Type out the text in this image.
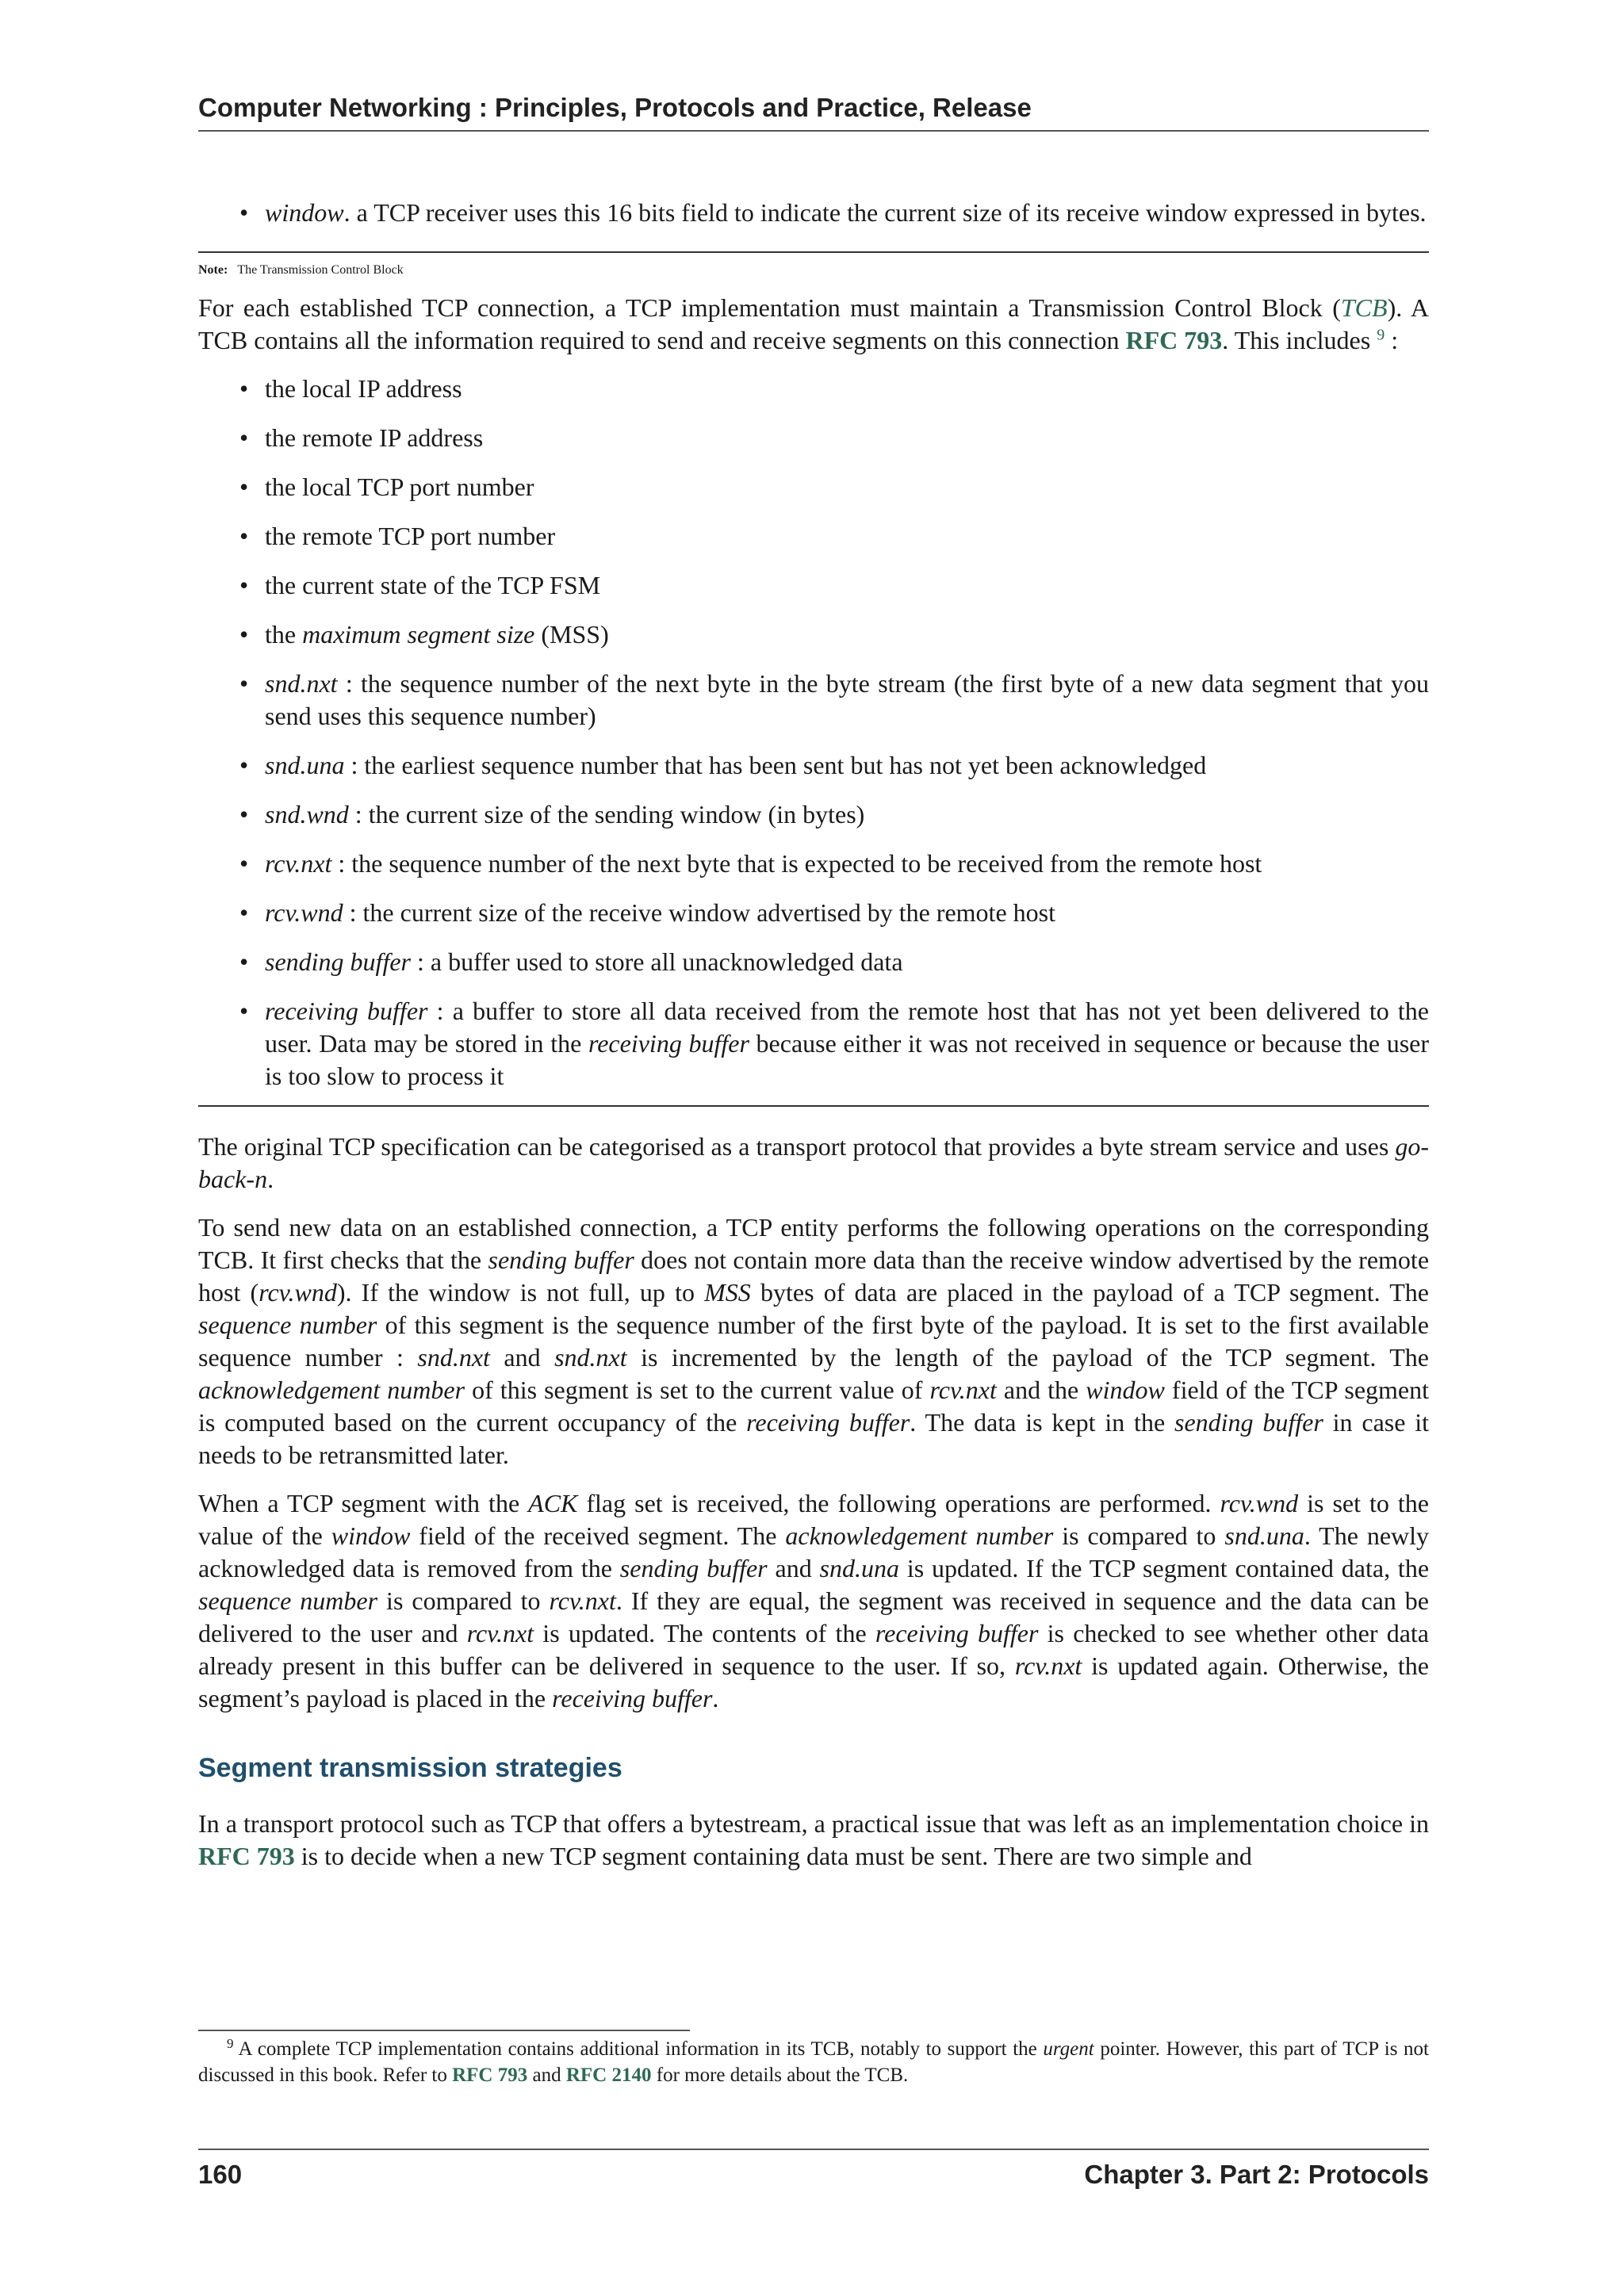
Computer Networking : Principles, Protocols and Practice, Release
• window. a TCP receiver uses this 16 bits field to indicate the current size of its receive window expressed in bytes.
Note: The Transmission Control Block

For each established TCP connection, a TCP implementation must maintain a Transmission Control Block (TCB). A TCB contains all the information required to send and receive segments on this connection RFC 793. This includes $^9$ :

• the local IP address
• the remote IP address
• the local TCP port number
• the remote TCP port number
• the current state of the TCP FSM
• the maximum segment size (MSS)
• snd.nxt : the sequence number of the next byte in the byte stream (the first byte of a new data segment that you send uses this sequence number)
• snd.una : the earliest sequence number that has been sent but has not yet been acknowledged
• snd.wnd : the current size of the sending window (in bytes)
• rcv.nxt : the sequence number of the next byte that is expected to be received from the remote host
• rcv.wnd : the current size of the receive window advertised by the remote host
• sending buffer : a buffer used to store all unacknowledged data
• receiving buffer : a buffer to store all data received from the remote host that has not yet been delivered to the user. Data may be stored in the receiving buffer because either it was not received in sequence or because the user is too slow to process it

The original TCP specification can be categorised as a transport protocol that provides a byte stream service and uses go-back-n.

To send new data on an established connection, a TCP entity performs the following operations on the corresponding TCB. It first checks that the sending buffer does not contain more data than the receive window advertised by the remote host (rcv.wnd). If the window is not full, up to MSS bytes of data are placed in the payload of a TCP segment. The sequence number of this segment is the sequence number of the first byte of the payload. It is set to the first available sequence number : snd.nxt and snd.nxt is incremented by the length of the payload of the TCP segment. The acknowledgement number of this segment is set to the current value of rcv.nxt and the window field of the TCP segment is computed based on the current occupancy of the receiving buffer. The data is kept in the sending buffer in case it needs to be retransmitted later.

When a TCP segment with the ACK flag set is received, the following operations are performed. rcv.wnd is set to the value of the window field of the received segment. The acknowledgement number is compared to snd.una. The newly acknowledged data is removed from the sending buffer and snd.una is updated. If the TCP segment contained data, the sequence number is compared to rcv.nxt. If they are equal, the segment was received in sequence and the data can be delivered to the user and rcv.nxt is updated. The contents of the receiving buffer is checked to see whether other data already present in this buffer can be delivered in sequence to the user. If so, rcv.nxt is updated again. Otherwise, the segment’s payload is placed in the receiving buffer.

Segment transmission strategies

In a transport protocol such as TCP that offers a bytestream, a practical issue that was left as an implementation choice in RFC 793 is to decide when a new TCP segment containing data must be sent. There are two simple and

$^9$ A complete TCP implementation contains additional information in its TCB, notably to support the urgent pointer. However, this part of TCP is not discussed in this book. Refer to RFC 793 and RFC 2140 for more details about the TCB.
160	Chapter 3. Part 2: Protocols
